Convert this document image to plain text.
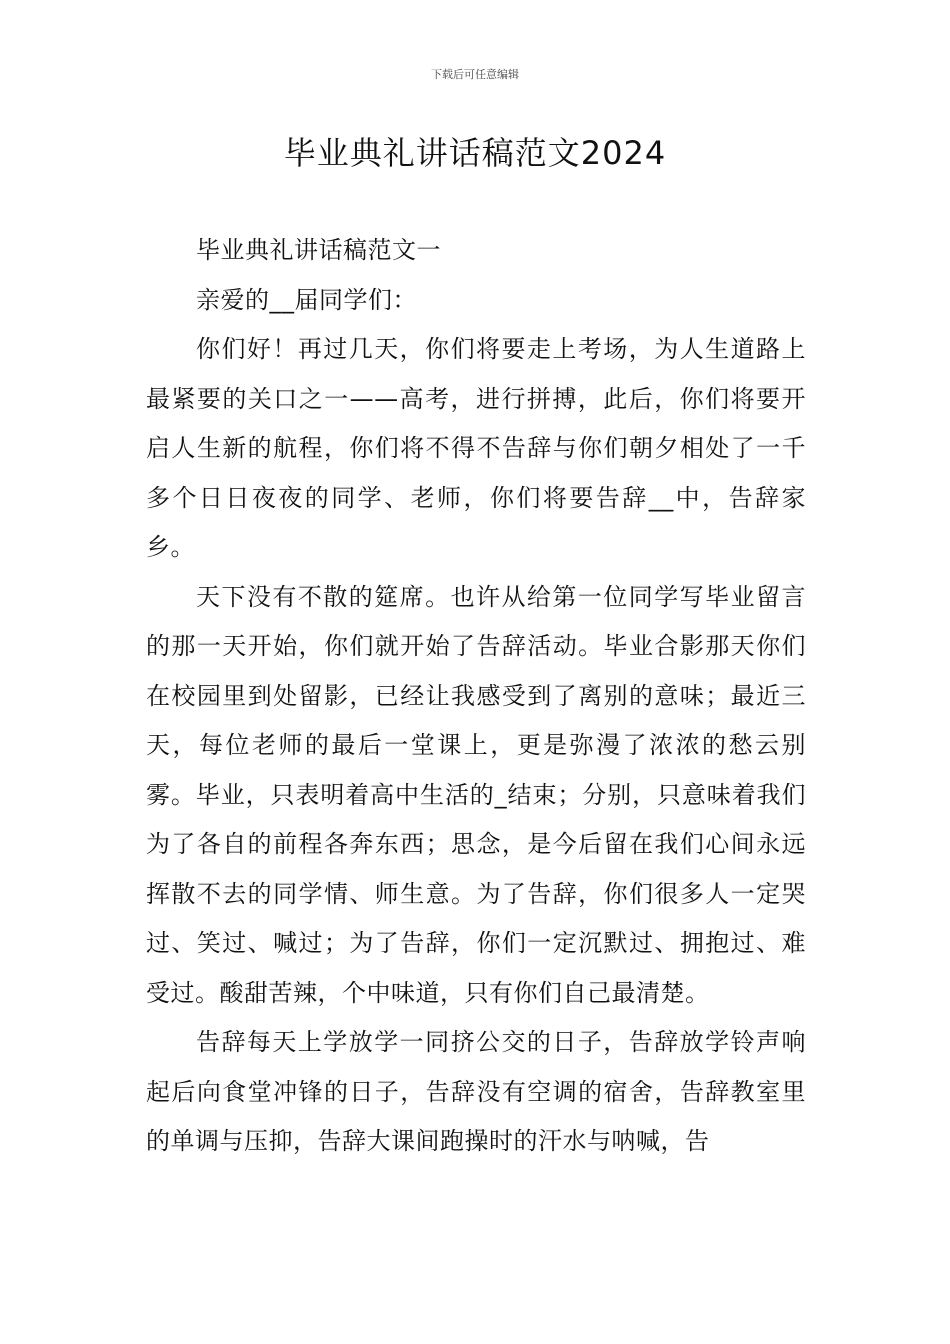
下载后可任意编辑
毕业典礼讲话稿范文2024

毕业典礼讲话稿范文一

亲爱的__届同学们：

你们好！再过几天，你们将要走上考场，为人生道路上最紧要的关口之一——高考，进行拼搏，此后，你们将要开启人生新的航程，你们将不得不告辞与你们朝夕相处了一千多个日日夜夜的同学、老师，你们将要告辞__中，告辞家乡。

天下没有不散的筵席。也许从给第一位同学写毕业留言的那一天开始，你们就开始了告辞活动。毕业合影那天你们在校园里到处留影，已经让我感受到了离别的意味；最近三天，每位老师的最后一堂课上，更是弥漫了浓浓的愁云别雾。毕业，只表明着高中生活的_结束；分别，只意味着我们为了各自的前程各奔东西；思念，是今后留在我们心间永远挥散不去的同学情、师生意。为了告辞，你们很多人一定哭过、笑过、喊过；为了告辞，你们一定沉默过、拥抱过、难受过。酸甜苦辣，个中味道，只有你们自己最清楚。

告辞每天上学放学一同挤公交的日子，告辞放学铃声响起后向食堂冲锋的日子，告辞没有空调的宿舍，告辞教室里的单调与压抑，告辞大课间跑操时的汗水与呐喊，告
